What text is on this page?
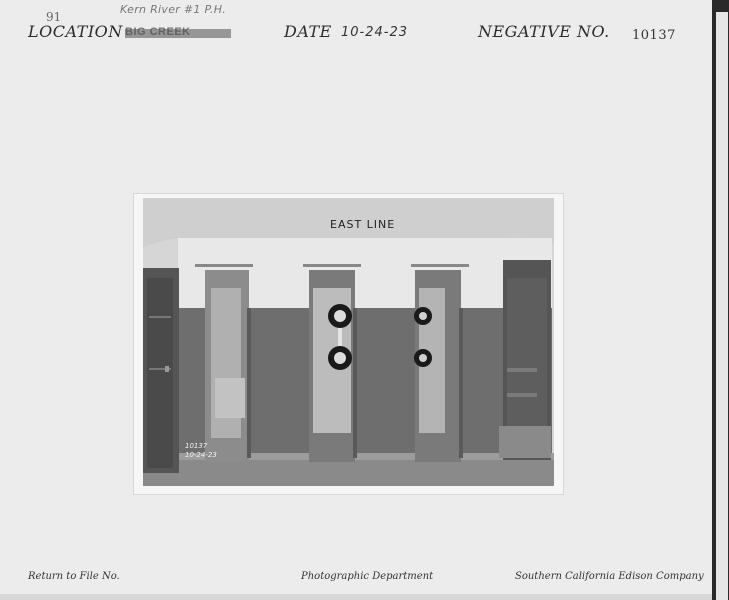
91
Kern River #1 P.H.
LOCATION	DATE 10-24-23	NEGATIVE NO. 10137
EAST LINE
10137
10-24-23
Return to File No.	Photographic Department	Southern California Edison Company
